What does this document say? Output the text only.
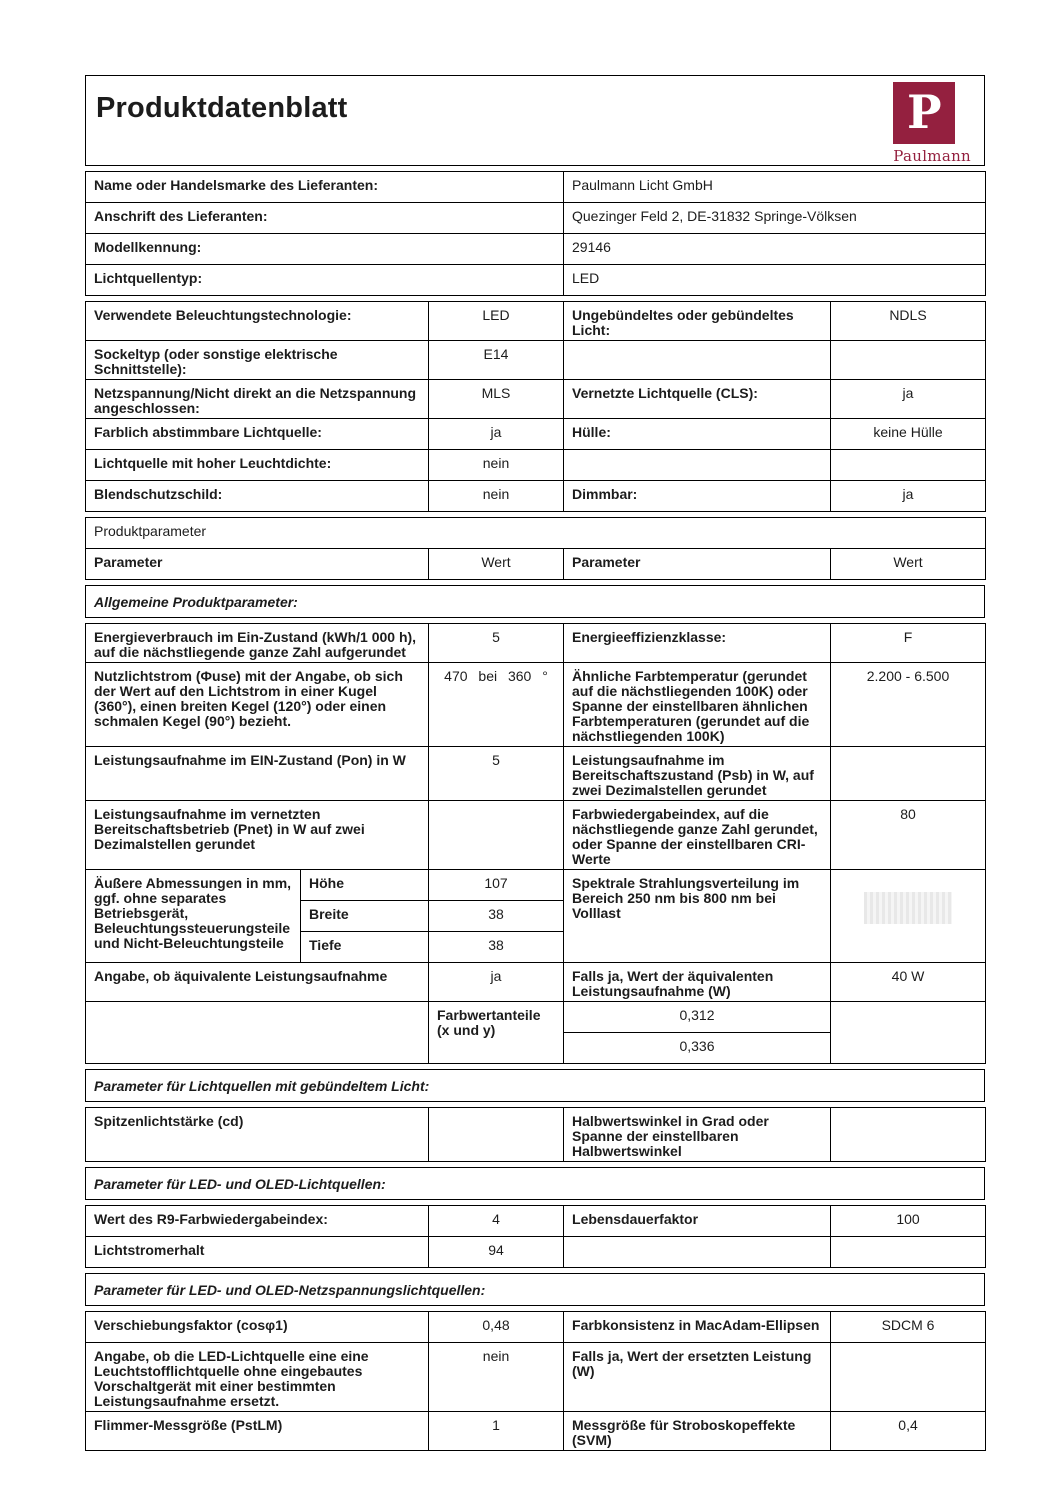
Produktdatenblatt	P
Paulmann
Name oder Handelsmarke des Lieferanten:	Paulmann Licht GmbH
Anschrift des Lieferanten:	Quezinger Feld 2, DE-31832 Springe-Völksen
Modellkennung:	29146
Lichtquellentyp:	LED
Verwendete Beleuchtungstechnologie:	LED	Ungebündeltes oder gebündeltes Licht:	NDLS
Sockeltyp (oder sonstige elektrische Schnittstelle):	E14		
Netzspannung/Nicht direkt an die Netzspannung angeschlossen:	MLS	Vernetzte Lichtquelle (CLS):	ja
Farblich abstimmbare Lichtquelle:	ja	Hülle:	keine Hülle
Lichtquelle mit hoher Leuchtdichte:	nein		
Blendschutzschild:	nein	Dimmbar:	ja
Produktparameter
Parameter	Wert	Parameter	Wert
Allgemeine Produktparameter:
Energieverbrauch im Ein-Zustand (kWh/1 000 h), auf die nächstliegende ganze Zahl aufgerundet		5	Energieeffizienzklasse:	F
Nutzlichtstrom (Φuse) mit der Angabe, ob sich der Wert auf den Lichtstrom in einer Kugel (360°), einen breiten Kegel (120°) oder einen schmalen Kegel (90°) bezieht.		470 bei 360 °	Ähnliche Farbtemperatur (gerundet auf die nächstliegenden 100K) oder Spanne der einstellbaren ähnlichen Farbtemperaturen (gerundet auf die nächstliegenden 100K)	2.200 - 6.500
Leistungsaufnahme im EIN-Zustand (Pon) in W		5	Leistungsaufnahme im Bereitschaftszustand (Psb) in W, auf zwei Dezimalstellen gerundet	
Leistungsaufnahme im vernetzten Bereitschaftsbetrieb (Pnet) in W auf zwei Dezimalstellen gerundet			Farbwiedergabeindex, auf die nächstliegende ganze Zahl gerundet, oder Spanne der einstellbaren CRI-Werte	80
Äußere Abmessungen in mm, ggf. ohne separates Betriebsgerät, Beleuchtungssteuerungsteile und Nicht-Beleuchtungsteile	Höhe	107	Spektrale Strahlungsverteilung im Bereich 250 nm bis 800 nm bei Volllast	

	Breite	38		
	Tiefe	38		
Angabe, ob äquivalente Leistungsaufnahme		ja	Falls ja, Wert der äquivalenten Leistungsaufnahme (W)	40 W
		Farbwertanteile (x und y)	0,312	
			0,336	
Parameter für Lichtquellen mit gebündeltem Licht:
Spitzenlichtstärke (cd)		Halbwertswinkel in Grad oder Spanne der einstellbaren Halbwertswinkel	
Parameter für LED- und OLED-Lichtquellen:
Wert des R9-Farbwiedergabeindex:	4	Lebensdauerfaktor	100
Lichtstromerhalt	94		
Parameter für LED- und OLED-Netzspannungslichtquellen:
Verschiebungsfaktor (cosφ1)	0,48	Farbkonsistenz in MacAdam-Ellipsen	SDCM 6
Angabe, ob die LED-Lichtquelle eine eine Leuchtstofflichtquelle ohne eingebautes Vorschaltgerät mit einer bestimmten Leistungsaufnahme ersetzt.	nein	Falls ja, Wert der ersetzten Leistung (W)	
Flimmer-Messgröße (PstLM)	1	Messgröße für Stroboskopeffekte (SVM)	0,4
